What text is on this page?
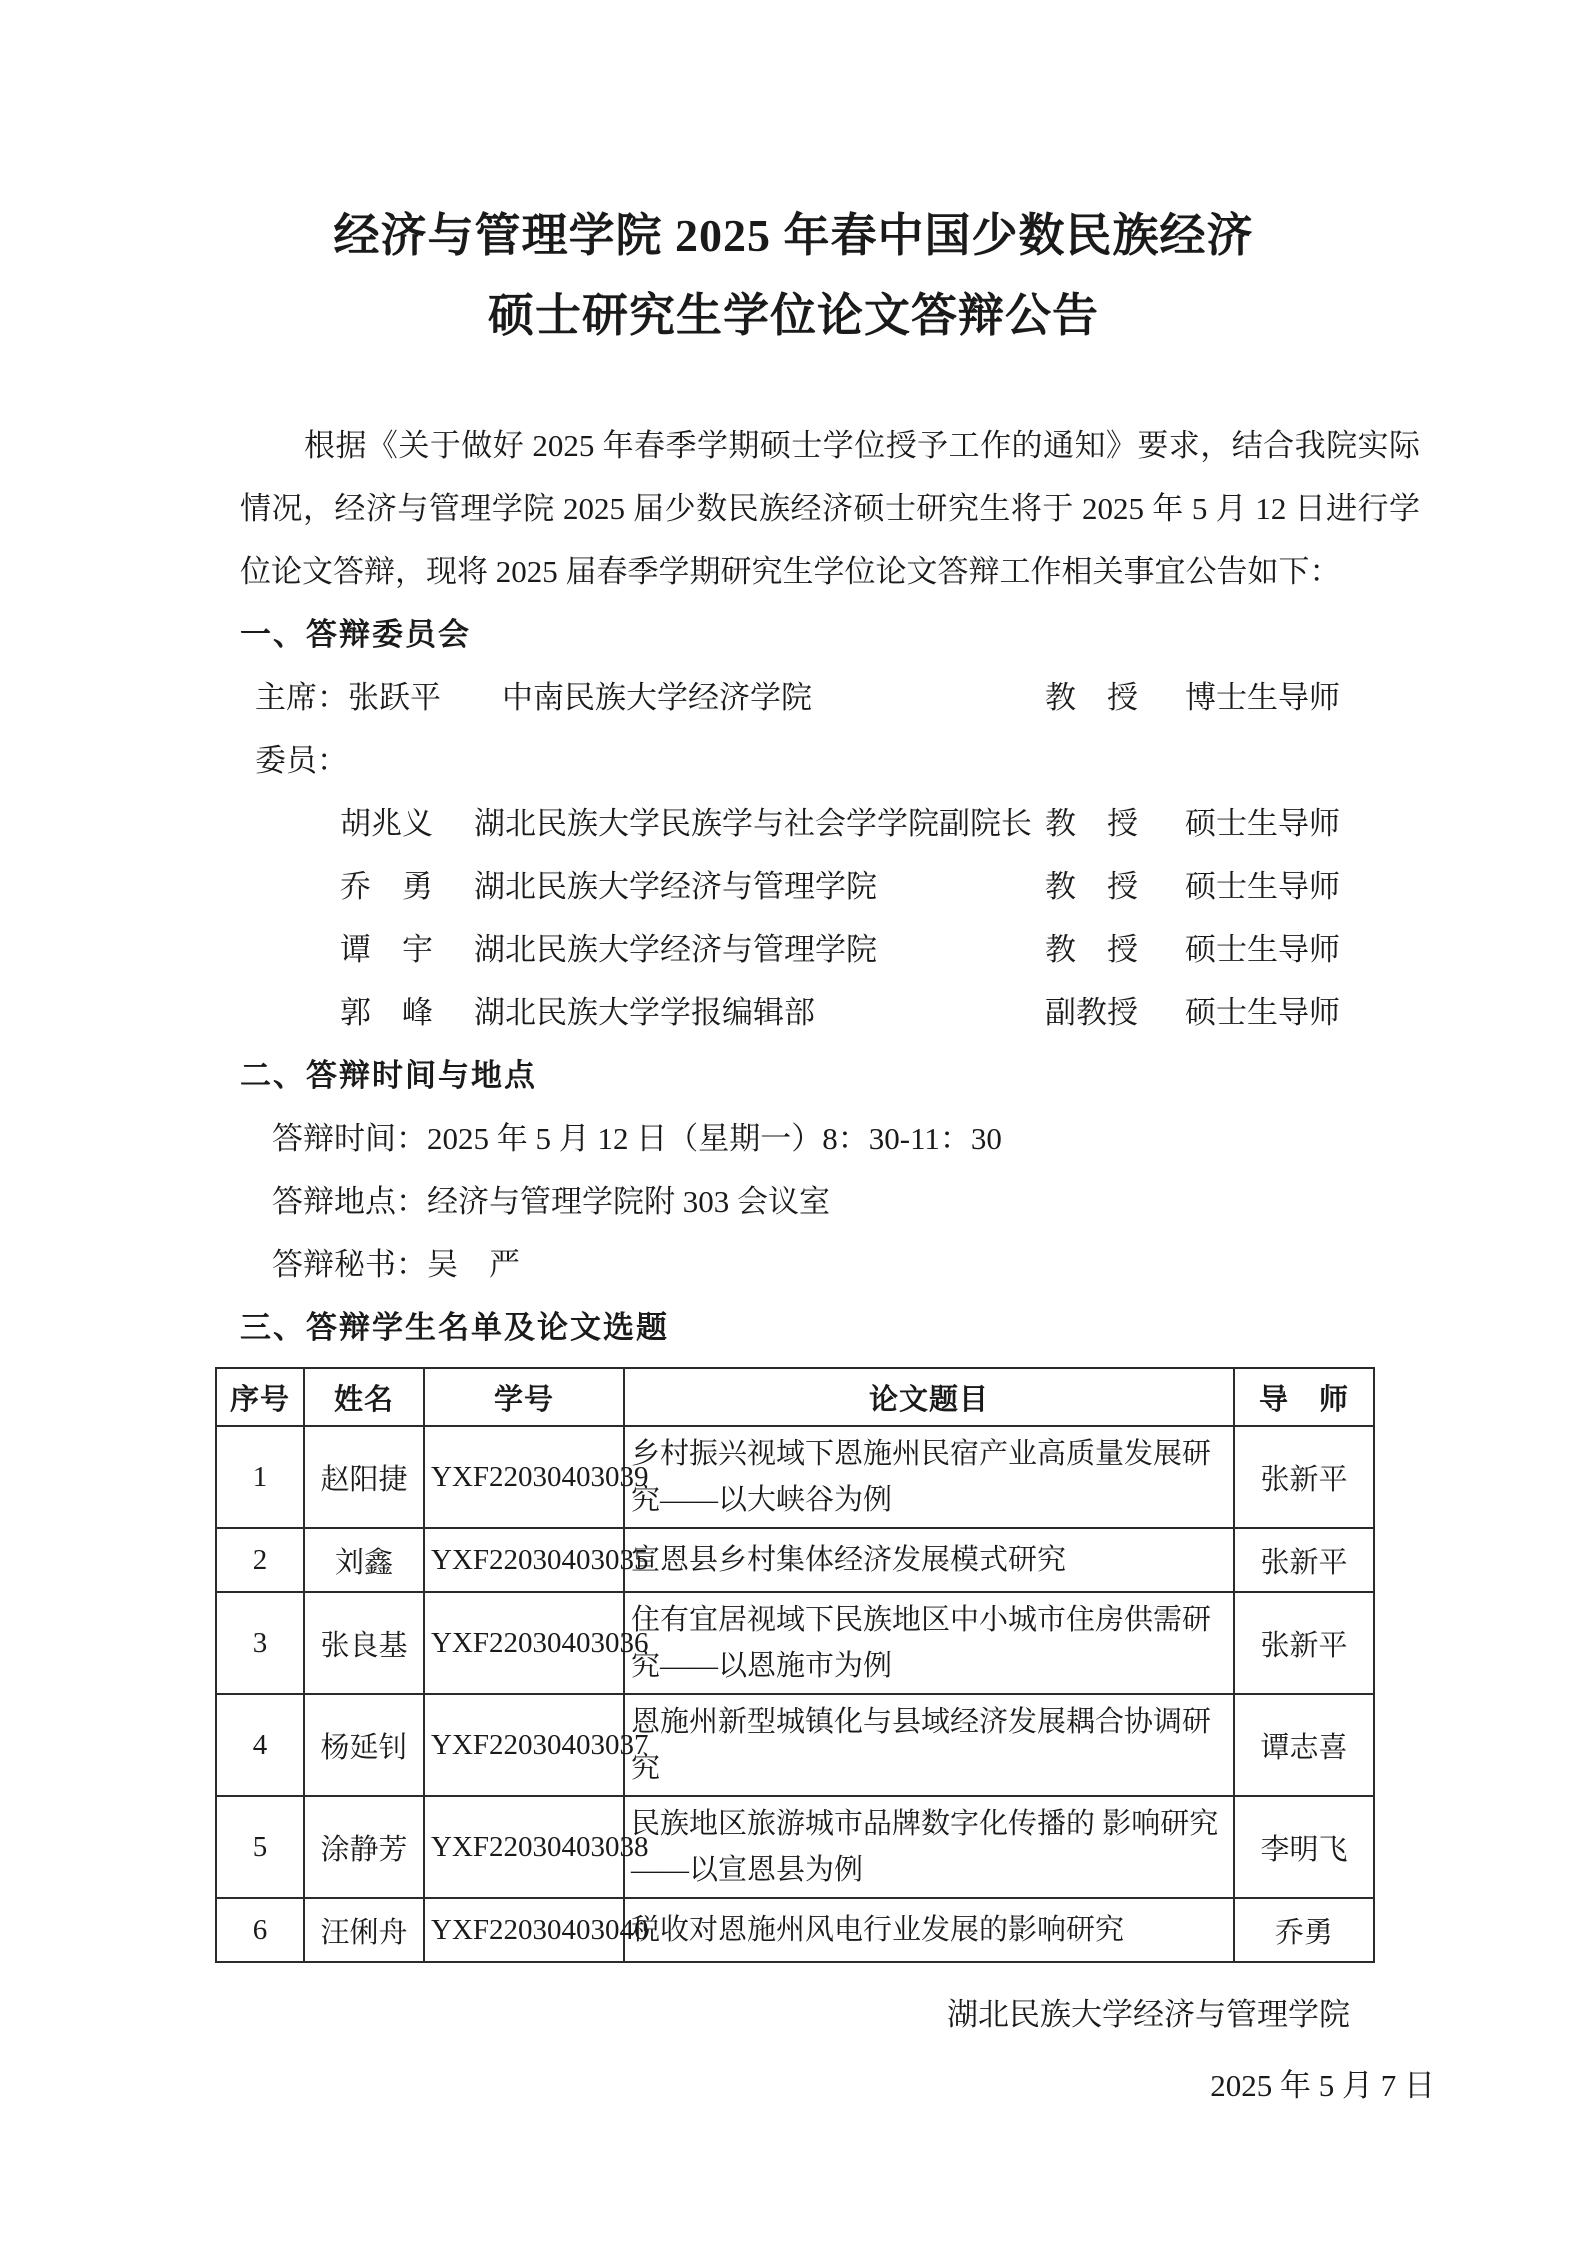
经济与管理学院 2025 年春中国少数民族经济
硕士研究生学位论文答辩公告

根据《关于做好 2025 年春季学期硕士学位授予工作的通知》要求，结合我院实际情况，经济与管理学院 2025 届少数民族经济硕士研究生将于 2025 年 5 月 12 日进行学位论文答辩，现将 2025 届春季学期研究生学位论文答辩工作相关事宜公告如下：

一、答辩委员会
主席：张跃平	中南民族大学经济学院	教　授	博士生导师
委员：
胡兆义	湖北民族大学民族学与社会学学院副院长 教　授	硕士生导师
乔　勇	湖北民族大学经济与管理学院	教　授	硕士生导师
谭　宇	湖北民族大学经济与管理学院	教　授	硕士生导师
郭　峰	湖北民族大学学报编辑部	副教授	硕士生导师
二、答辩时间与地点
答辩时间：2025 年 5 月 12 日（星期一）8：30-11：30
答辩地点：经济与管理学院附 303 会议室
答辩秘书：吴　严
三、答辩学生名单及论文选题
序号	姓名	学号	论文题目	导　师
1	赵阳捷	YXF22030403039	乡村振兴视域下恩施州民宿产业高质量发展研究——以大峡谷为例	张新平
2	刘鑫	YXF22030403035	宣恩县乡村集体经济发展模式研究	张新平
3	张良基	YXF22030403036	住有宜居视域下民族地区中小城市住房供需研究——以恩施市为例	张新平
4	杨延钊	YXF22030403037	恩施州新型城镇化与县域经济发展耦合协调研究	谭志喜
5	涂静芳	YXF22030403038	民族地区旅游城市品牌数字化传播的 影响研究——以宣恩县为例	李明飞
6	汪俐舟	YXF22030403040	税收对恩施州风电行业发展的影响研究	乔勇
湖北民族大学经济与管理学院
2025 年 5 月 7 日
